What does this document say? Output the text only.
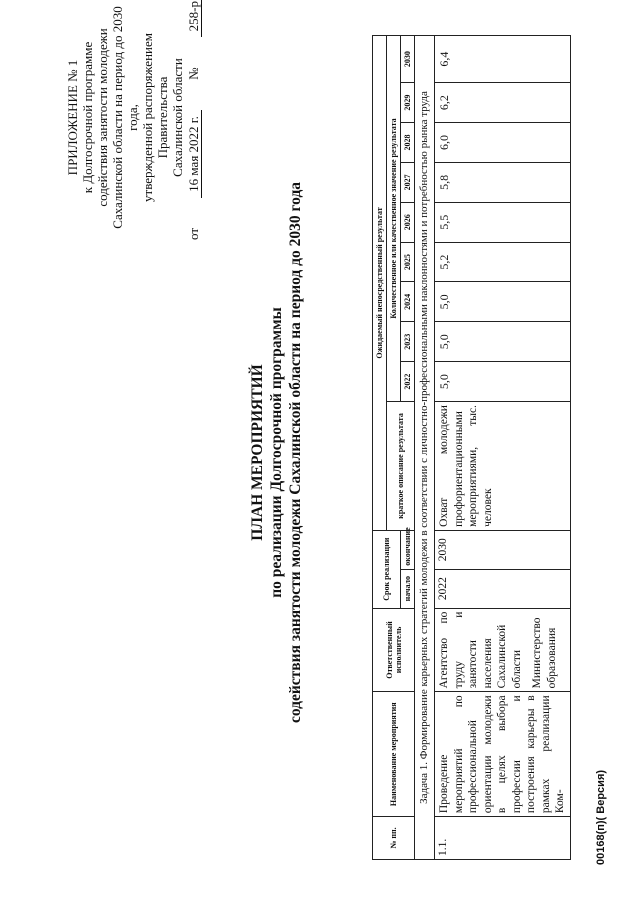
ПРИЛОЖЕНИЕ № 1 к Долгосрочной программе содействия занятости молодежи Сахалинской области на период до 2030 года, утвержденной распоряжением Правительства Сахалинской области
от
16 мая 2022 г.
№
258-р
ПЛАН МЕРОПРИЯТИЙ по реализации Долгосрочной программы содействия занятости молодежи Сахалинской области на период до 2030 года
№ пп.	Наименование мероприятия	Ответственный исполнитель	Срок реализации		Ожидаемый непосредственный результат									
					краткое описание результата	Количественное или качественное значение результата								
			начало	окончание		2022	2023	2024	2025	2026	2027	2028	2029	2030
Задача 1. Формирование карьерных стратегий молодежи в соответствии с личностно-профессиональными наклонностями и потребностью рынка труда														
1.1.	Проведение мероприятий по профессиональной ориентации молодежи в целях выбора профессии и построения карьеры в рамках реализации Ком-	Агентство по труду и занятости населения Сахалинской области Министерство образования	2022	2030	Охват молодежи профориентационными мероприятиями, тыс. человек	5,0	5,0	5,0	5,2	5,5	5,8	6,0	6,2	6,4
00168(п)( Версия)
